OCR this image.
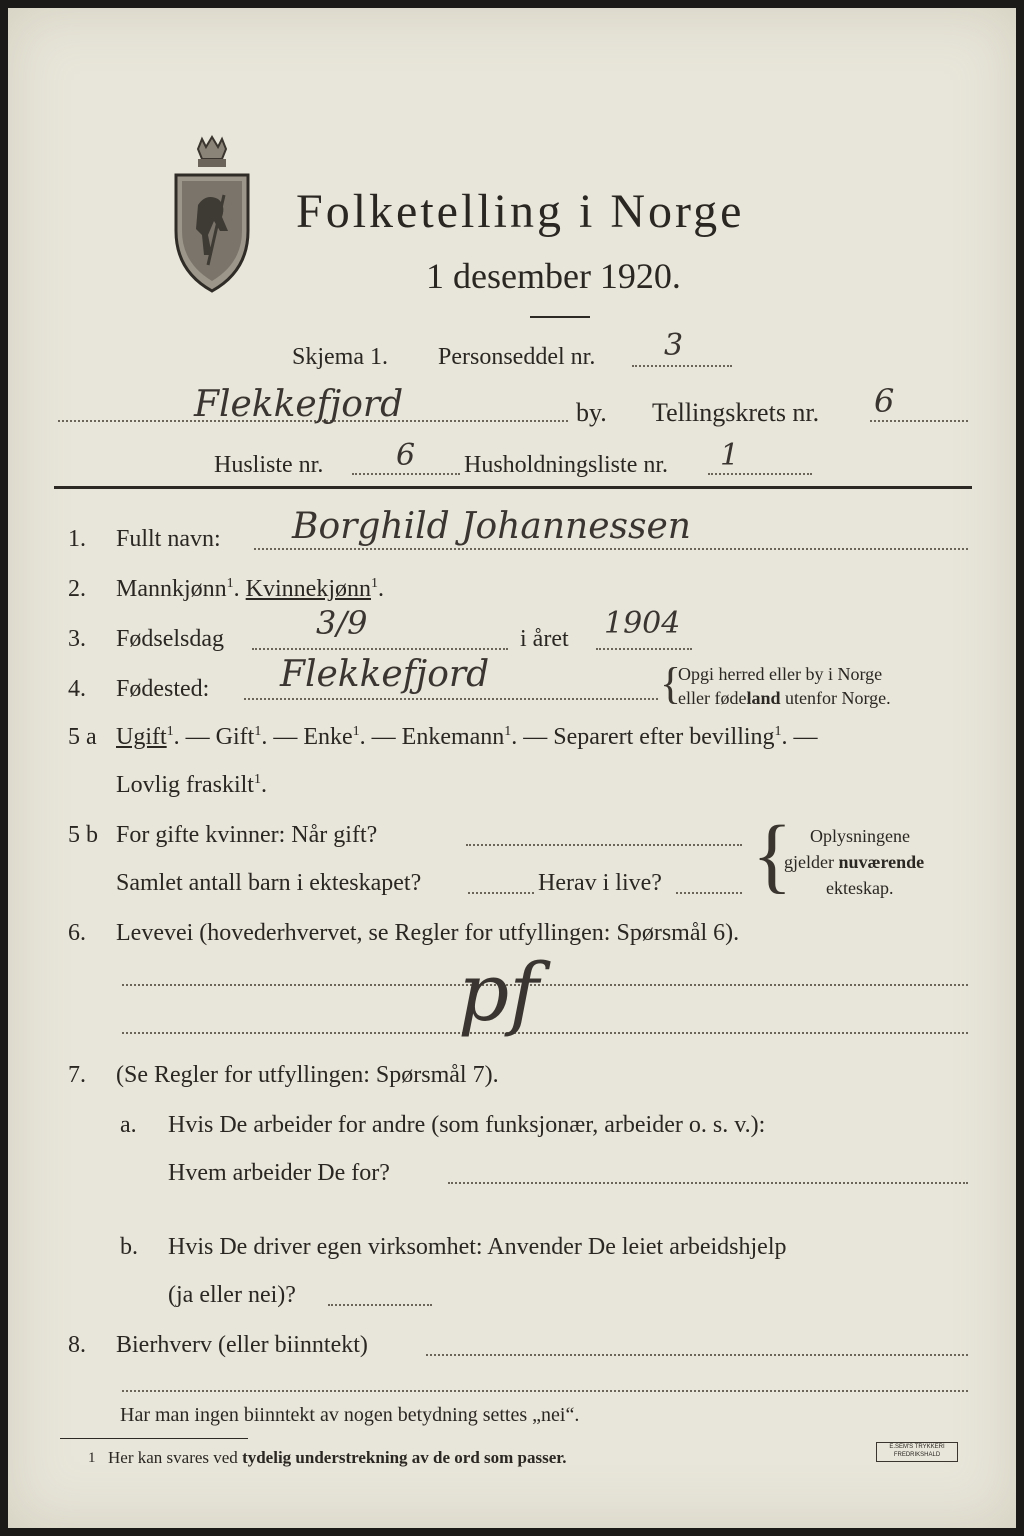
Folketelling i Norge
1 desember 1920.
Skjema 1. Personseddel nr. 3
Flekkefjord	by. Tellingskrets nr. 6
Husliste nr. 6 Husholdningsliste nr. 1
1. Fullt navn: Borghild Johannessen
2. Mannkjønn$^1$. Kvinnekjønn$^1$.
3. Fødselsdag	3/9	i året 1904
4. Fødested: Flekkefjord	{
Opgi herred eller by i Norge
eller fødeland utenfor Norge.
5 a Ugift$^1$. — Gift$^1$. — Enke$^1$. — Enkemann$^1$. — Separert efter bevilling$^1$. —
Lovlig fraskilt$^1$.
5 b For gifte kvinner: Når gift?
Samlet antall barn i ekteskapet?	Herav i live? { Oplysningene
gjelder nuværende
ekteskap.
6. Levevei (hovederhvervet, se Regler for utfyllingen: Spørsmål 6).
pf
7. (Se Regler for utfyllingen: Spørsmål 7).
a. Hvis De arbeider for andre (som funksjonær, arbeider o. s. v.):
Hvem arbeider De for?
b. Hvis De driver egen virksomhet: Anvender De leiet arbeidshjelp
(ja eller nei)?
8. Bierhverv (eller biinntekt)
Har man ingen biinntekt av nogen betydning settes „nei“.
1 Her kan svares ved tydelig understrekning av de ord som passer.
E.SEM'S TRYKKERI FREDRIKSHALD
